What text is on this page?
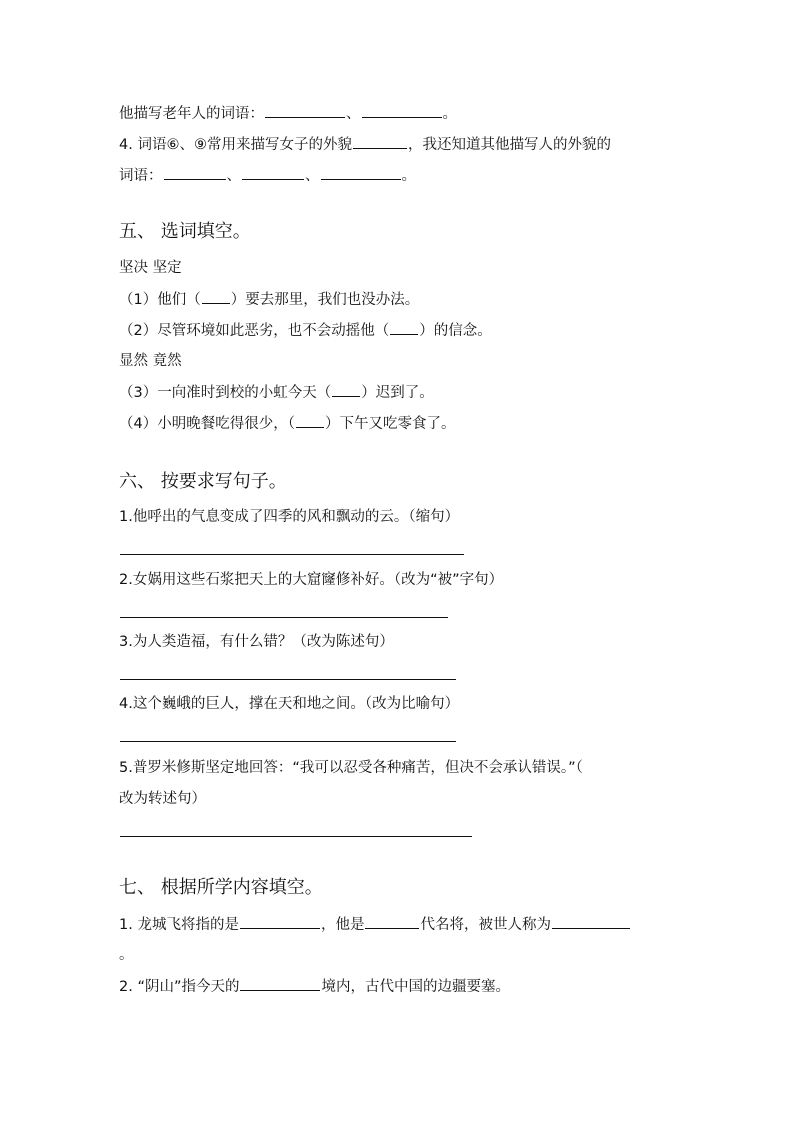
他描写老年人的词语：	、	。
4. 词语⑥、⑨常用来描写女子的外貌	，我还知道其他描写人的外貌的
词语：	、	、	。
五、 选词填空。
坚决 坚定
（1）他们（ ）要去那里，我们也没办法。
（2）尽管环境如此恶劣，也不会动摇他（ ）的信念。
显然 竟然
（3）一向准时到校的小虹今天（ ）迟到了。
（4）小明晚餐吃得很少，（ ）下午又吃零食了。
六、 按要求写句子。
1.他呼出的气息变成了四季的风和飘动的云。（缩句）
2.女娲用这些石浆把天上的大窟窿修补好。（改为“被”字句）
3.为人类造福，有什么错？（改为陈述句）
4.这个巍峨的巨人，撑在天和地之间。（改为比喻句）
5.普罗米修斯坚定地回答：“我可以忍受各种痛苦，但决不会承认错误。”（
改为转述句）
七、 根据所学内容填空。
1. 龙城飞将指的是	，他是	代名将，被世人称为
。
2. “阴山”指今天的	境内，古代中国的边疆要塞。
